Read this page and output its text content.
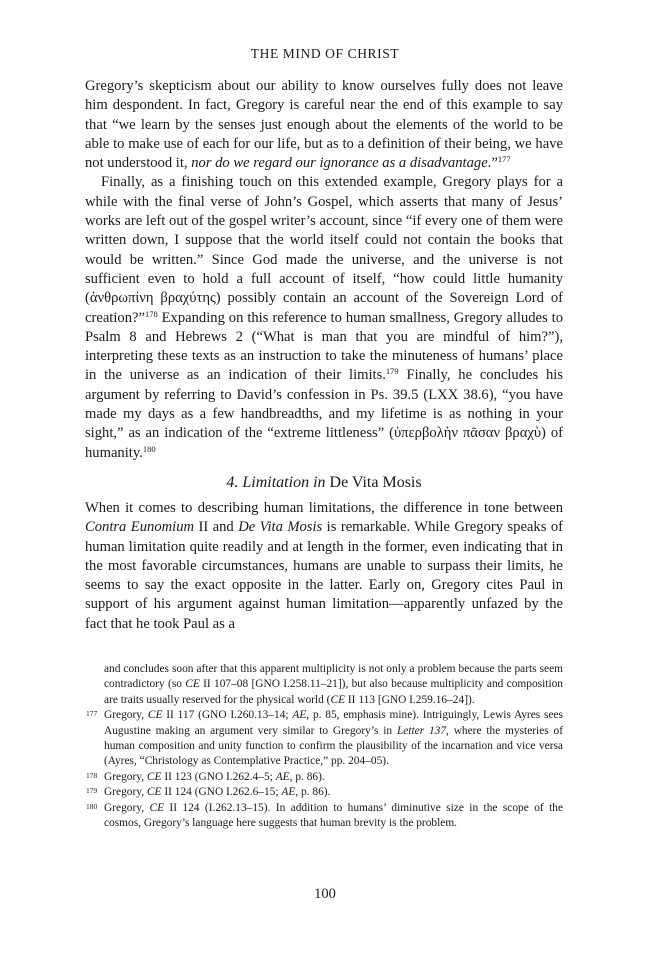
THE MIND OF CHRIST

Gregory’s skepticism about our ability to know ourselves fully does not leave him despondent. In fact, Gregory is careful near the end of this example to say that “we learn by the senses just enough about the elements of the world to be able to make use of each for our life, but as to a definition of their being, we have not understood it, nor do we regard our ignorance as a disadvantage.”$^{177}$

Finally, as a finishing touch on this extended example, Gregory plays for a while with the final verse of John’s Gospel, which asserts that many of Jesus’ works are left out of the gospel writer’s account, since “if every one of them were written down, I suppose that the world itself could not contain the books that would be written.” Since God made the universe, and the universe is not sufficient even to hold a full account of itself, “how could little humanity (ἀνθρωπίνη βραχύτης) possibly contain an account of the Sovereign Lord of creation?”$^{178}$ Expanding on this reference to human smallness, Gregory alludes to Psalm 8 and Hebrews 2 (“What is man that you are mindful of him?”), interpreting these texts as an instruction to take the minuteness of humans’ place in the universe as an indication of their limits.$^{179}$ Finally, he concludes his argument by referring to David’s confession in Ps. 39.5 (LXX 38.6), “you have made my days as a few handbreadths, and my lifetime is as nothing in your sight,” as an indication of the “extreme littleness” (ὑπερβολὴν πᾶσαν βραχὺ) of humanity.$^{180}$

4. Limitation in De Vita Mosis

When it comes to describing human limitations, the difference in tone between Contra Eunomium II and De Vita Mosis is remarkable. While Gregory speaks of human limitation quite readily and at length in the former, even indicating that in the most favorable circumstances, humans are unable to surpass their limits, he seems to say the exact opposite in the latter. Early on, Gregory cites Paul in support of his argument against human limitation—apparently unfazed by the fact that he took Paul as a

and concludes soon after that this apparent multiplicity is not only a problem because the parts seem contradictory (so CE II 107–08 [GNO I.258.11–21]), but also because multiplicity and composition are traits usually reserved for the physical world (CE II 113 [GNO I.259.16–24]).

177 Gregory, CE II 117 (GNO I.260.13–14; AE, p. 85, emphasis mine). Intriguingly, Lewis Ayres sees Augustine making an argument very similar to Gregory’s in Letter 137, where the mysteries of human composition and unity function to confirm the plausibility of the incarnation and vice versa (Ayres, “Christology as Contemplative Practice,” pp. 204–05).
178 Gregory, CE II 123 (GNO I.262.4–5; AE, p. 86).
179 Gregory, CE II 124 (GNO I.262.6–15; AE, p. 86).
180 Gregory, CE II 124 (I.262.13–15). In addition to humans’ diminutive size in the scope of the cosmos, Gregory’s language here suggests that human brevity is the problem.
100
